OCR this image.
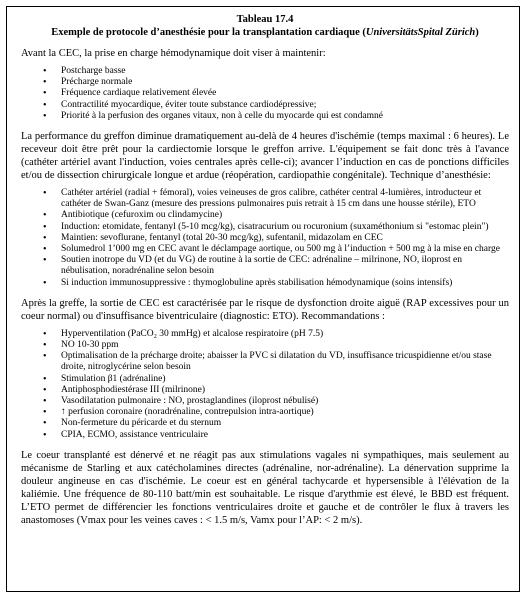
Tableau 17.4
Exemple de protocole d’anesthésie pour la transplantation cardiaque (UniversitätsSpital Zürich)

Avant la CEC, la prise en charge hémodynamique doit viser à maintenir:

• Postcharge basse
• Précharge normale
• Fréquence cardiaque relativement élevée
• Contractilité myocardique, éviter toute substance cardiodépressive;
• Priorité à la perfusion des organes vitaux, non à celle du myocarde qui est condamné

La performance du greffon diminue dramatiquement au-delà de 4 heures d'ischémie (temps maximal : 6 heures). Le receveur doit être prêt pour la cardiectomie lorsque le greffon arrive. L'équipement se fait donc très à l'avance (cathéter artériel avant l'induction, voies centrales après celle-ci); avancer l’induction en cas de ponctions difficiles et/ou de dissection chirurgicale longue et ardue (réopération, cardiopathie congénitale). Technique d’anesthésie:

• Cathéter artériel (radial + fémoral), voies veineuses de gros calibre, cathéter central 4-lumières, introducteur et cathéter de Swan-Ganz (mesure des pressions pulmonaires puis retrait à 15 cm dans une housse stérile), ETO
• Antibiotique (cefuroxim ou clindamycine)
• Induction: etomidate, fentanyl (5-10 mcg/kg), cisatracurium ou rocuronium (suxaméthonium si "estomac plein")
• Maintien: sevoflurane, fentanyl (total 20-30 mcg/kg), sufentanil, midazolam en CEC
• Solumedrol 1’000 mg en CEC avant le déclampage aortique, ou 500 mg à l’induction + 500 mg à la mise en charge
• Soutien inotrope du VD (et du VG) de routine à la sortie de CEC: adrénaline – milrinone, NO, iloprost en nébulisation, noradrénaline selon besoin
• Si induction immunosuppressive : thymoglobuline après stabilisation hémodynamique (soins intensifs)

Après la greffe, la sortie de CEC est caractérisée par le risque de dysfonction droite aiguë (RAP excessives pour un coeur normal) ou d'insuffisance biventriculaire (diagnostic: ETO). Recommandations :

• Hyperventilation (PaCO₂ 30 mmHg) et alcalose respiratoire (pH 7.5)
• NO 10-30 ppm
• Optimalisation de la précharge droite; abaisser la PVC si dilatation du VD, insuffisance tricuspidienne et/ou stase droite, nitroglycérine selon besoin
• Stimulation β1 (adrénaline)
• Antiphosphodiestérase III (milrinone)
• Vasodilatation pulmonaire : NO, prostaglandines (iloprost nébulisé)
• ↑ perfusion coronaire (noradrénaline, contrepulsion intra-aortique)
• Non-fermeture du péricarde et du sternum
• CPIA, ECMO, assistance ventriculaire

Le coeur transplanté est dénervé et ne réagit pas aux stimulations vagales ni sympathiques, mais seulement au mécanisme de Starling et aux catécholamines directes (adrénaline, nor-adrénaline). La dénervation supprime la douleur angineuse en cas d'ischémie. Le coeur est en général tachycarde et hypersensible à l'élévation de la kaliémie. Une fréquence de 80-110 batt/min est souhaitable. Le risque d'arythmie est élevé, le BBD est fréquent. L’ETO permet de différencier les fonctions ventriculaires droite et gauche et de contrôler le flux à travers les anastomoses (Vmax pour les veines caves : < 1.5 m/s, Vamx pour l’AP: < 2 m/s).
